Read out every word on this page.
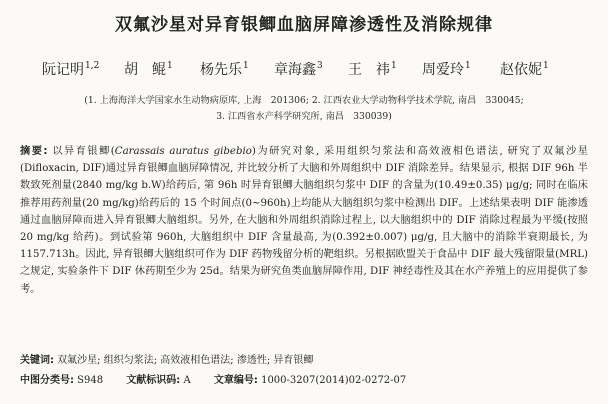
双氟沙星对异育银鲫血脑屏障渗透性及消除规律
阮记明$^{1,2}$ 胡　鲲$^1$ 杨先乐$^1$ 章海鑫$^3$ 王　祎$^1$ 周爱玲$^1$ 赵依妮$^1$
(1. 上海海洋大学国家水生动物病原库, 上海　201306; 2. 江西农业大学动物科学技术学院, 南昌　330045;
3. 江西省水产科学研究所, 南昌　330039)
摘要: 以异育银鲫(Carassais auratus gibebio)为研究对象, 采用组织匀浆法和高效液相色谱法, 研究了双氟沙星 (Difloxacin, DIF)通过异育银鲫血脑屏障情况, 并比较分析了大脑和外周组织中 DIF 消除差异。结果显示, 根据 DIF 96h 半数致死剂量(2840 mg/kg b.W)给药后, 第 96h 时异育银鲫大脑组织匀浆中 DIF 的含量为(10.49±0.35) μg/g; 同时在临床推荐用药剂量(20 mg/kg)给药后的 15 个时间点(0~960h)上均能从大脑组织匀浆中检测出 DIF。上述结果表明 DIF 能渗透通过血脑屏障而进入异育银鲫大脑组织。另外, 在大脑和外周组织消除过程上, 以大脑组织中的 DIF 消除过程最为平缓(按照 20 mg/kg 给药)。到试验第 960h, 大脑组织中 DIF 含量最高, 为(0.392±0.007) μg/g, 且大脑中的消除半衰期最长, 为 1157.713h。因此, 异育银鲫大脑组织可作为 DIF 药物残留分析的靶组织。另根据欧盟关于食品中 DIF 最大残留限量(MRL)之规定, 实验条件下 DIF 休药期至少为 25d。结果为研究鱼类血脑屏障作用, DIF 神经毒性及其在水产养殖上的应用提供了参考。
关键词: 双氟沙星; 组织匀浆法; 高效液相色谱法; 渗透性; 异育银鲫
中图分类号: S948 文献标识码: A 文章编号: 1000-3207(2014)02-0272-07
